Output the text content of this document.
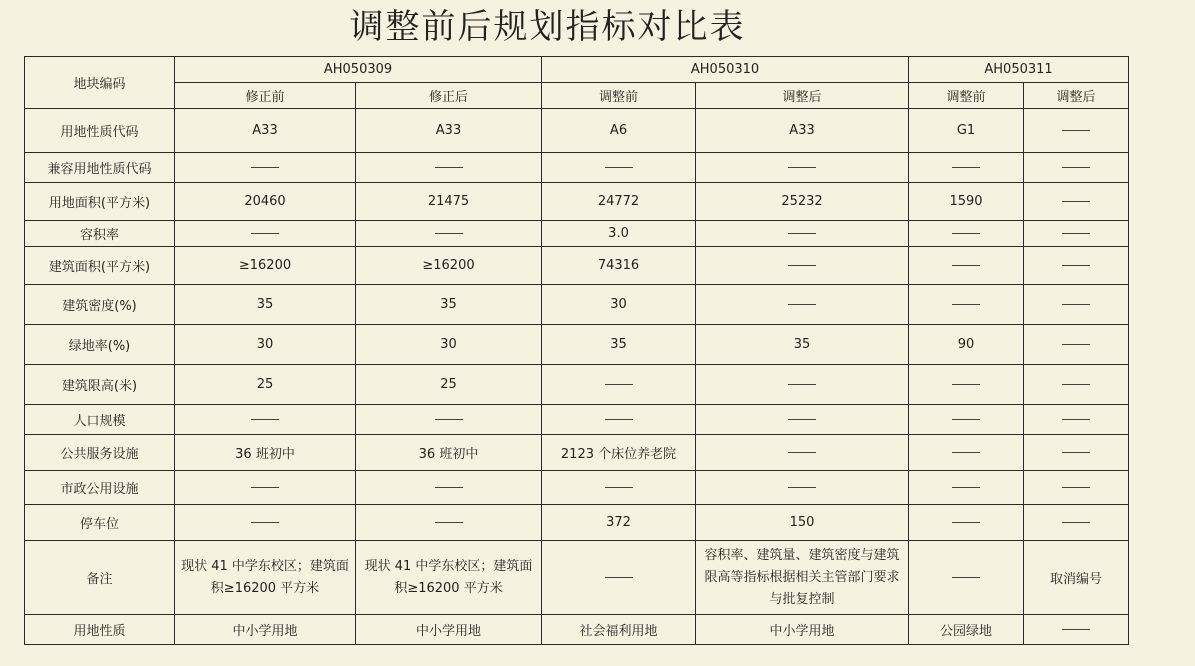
调整前后规划指标对比表
地块编码	AH050309		AH050310		AH050311	
	修正前	修正后	调整前	调整后	调整前	调整后
用地性质代码	A33	A33	A6	A33	G1	
兼容用地性质代码						
用地面积(平方米)	20460	21475	24772	25232	1590	
容积率			3.0			
建筑面积(平方米)	≥16200	≥16200	74316			
建筑密度(%)	35	35	30			
绿地率(%)	30	30	35	35	90	
建筑限高(米)	25	25				
人口规模						
公共服务设施	36 班初中	36 班初中	2123 个床位养老院			
市政公用设施						
停车位			372	150		
备注	现状 41 中学东校区；建筑面积≥16200 平方米	现状 41 中学东校区；建筑面积≥16200 平方米		容积率、建筑量、建筑密度与建筑限高等指标根据相关主管部门要求与批复控制		取消编号
用地性质	中小学用地	中小学用地	社会福利用地	中小学用地	公园绿地	
